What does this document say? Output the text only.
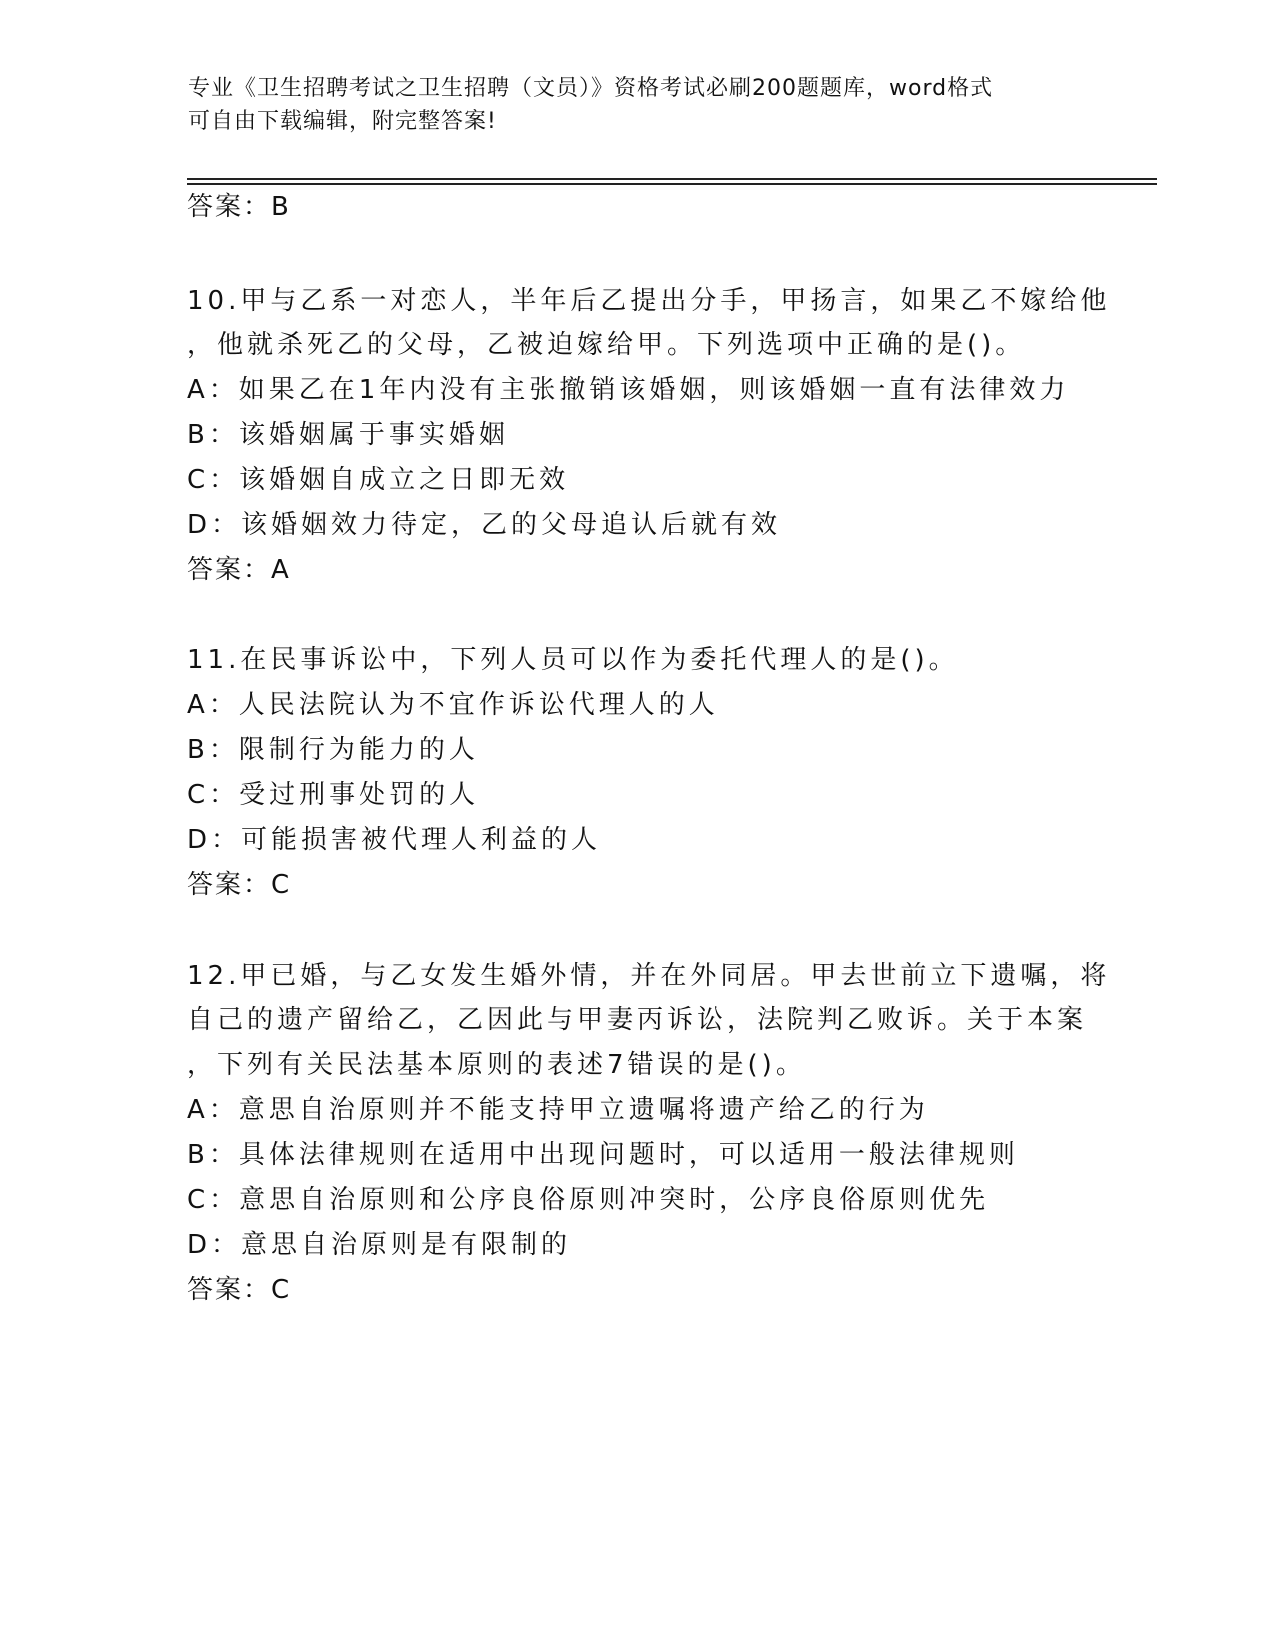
专业《卫生招聘考试之卫生招聘（文员）》资格考试必刷200题题库，word格式
可自由下载编辑，附完整答案!
答案：B
10.甲与乙系一对恋人，半年后乙提出分手，甲扬言，如果乙不嫁给他
，他就杀死乙的父母，乙被迫嫁给甲。下列选项中正确的是()。
A：如果乙在1年内没有主张撤销该婚姻，则该婚姻一直有法律效力
B：该婚姻属于事实婚姻
C：该婚姻自成立之日即无效
D：该婚姻效力待定，乙的父母追认后就有效
答案：A
11.在民事诉讼中，下列人员可以作为委托代理人的是()。
A：人民法院认为不宜作诉讼代理人的人
B：限制行为能力的人
C：受过刑事处罚的人
D：可能损害被代理人利益的人
答案：C
12.甲已婚，与乙女发生婚外情，并在外同居。甲去世前立下遗嘱，将
自己的遗产留给乙，乙因此与甲妻丙诉讼，法院判乙败诉。关于本案
，下列有关民法基本原则的表述7错误的是()。
A：意思自治原则并不能支持甲立遗嘱将遗产给乙的行为
B：具体法律规则在适用中出现问题时，可以适用一般法律规则
C：意思自治原则和公序良俗原则冲突时，公序良俗原则优先
D：意思自治原则是有限制的
答案：C
